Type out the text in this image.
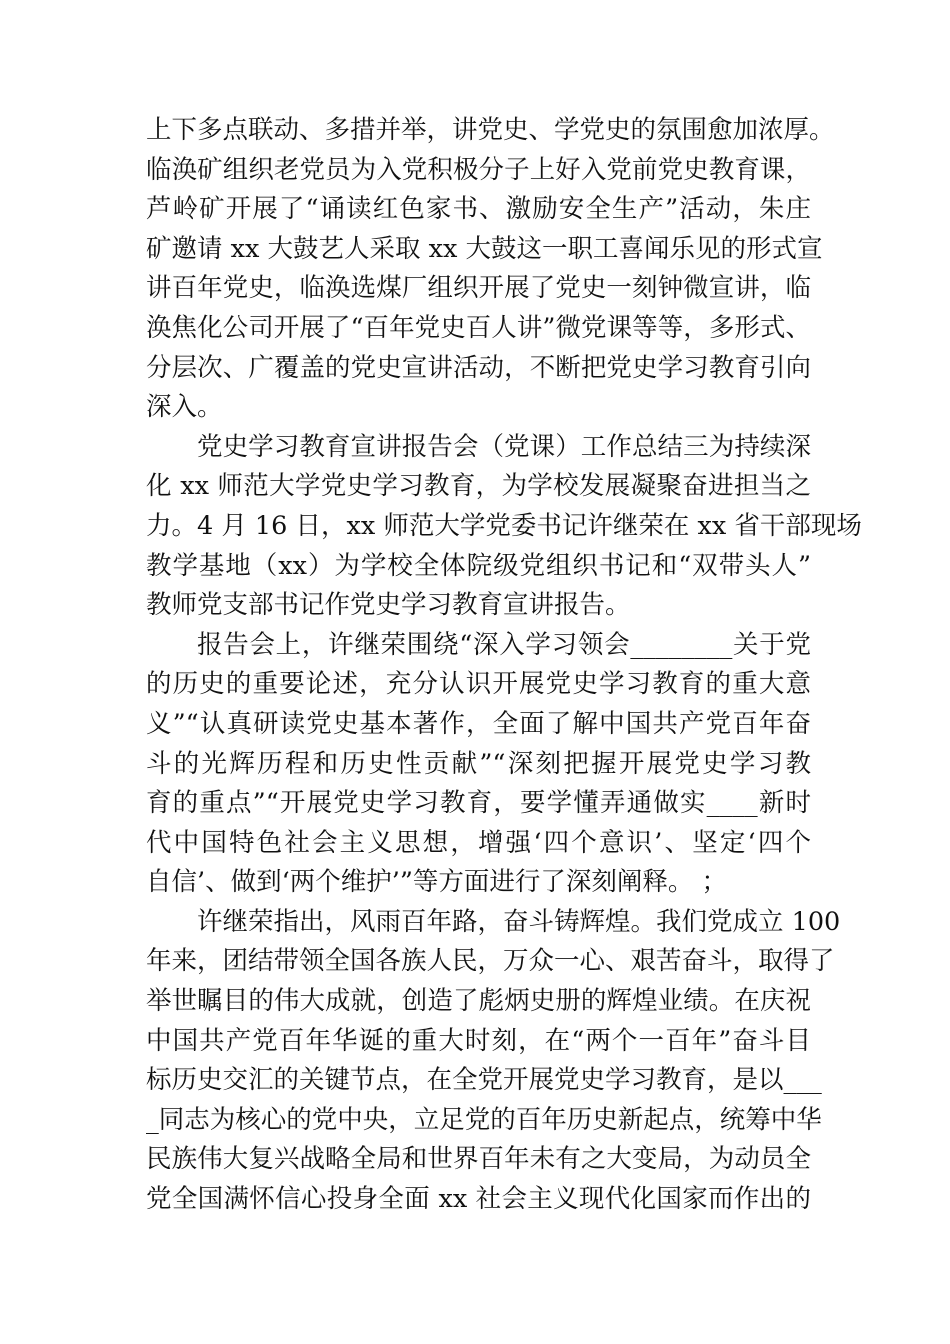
上下多点联动、多措并举，讲党史、学党史的氛围愈加浓厚。
临涣矿组织老党员为入党积极分子上好入党前党史教育课，
芦岭矿开展了“诵读红色家书、激励安全生产”活动，朱庄
矿邀请 xx 大鼓艺人采取 xx 大鼓这一职工喜闻乐见的形式宣
讲百年党史，临涣选煤厂组织开展了党史一刻钟微宣讲，临
涣焦化公司开展了“百年党史百人讲”微党课等等，多形式、
分层次、广覆盖的党史宣讲活动，不断把党史学习教育引向
深入。
党史学习教育宣讲报告会（党课）工作总结三为持续深
化 xx 师范大学党史学习教育，为学校发展凝聚奋进担当之
力。4 月 16 日，xx 师范大学党委书记许继荣在 xx 省干部现场
教学基地（xx）为学校全体院级党组织书记和“双带头人”
教师党支部书记作党史学习教育宣讲报告。
报告会上，许继荣围绕“深入学习领会________关于党
的历史的重要论述，充分认识开展党史学习教育的重大意
义”“认真研读党史基本著作，全面了解中国共产党百年奋
斗的光辉历程和历史性贡献”“深刻把握开展党史学习教
育的重点”“开展党史学习教育，要学懂弄通做实____新时
代中国特色社会主义思想，增强‘四个意识’、坚定‘四个
自信’、做到‘两个维护’”等方面进行了深刻阐释。 ；
许继荣指出，风雨百年路，奋斗铸辉煌。我们党成立 100
年来，团结带领全国各族人民，万众一心、艰苦奋斗，取得了
举世瞩目的伟大成就，创造了彪炳史册的辉煌业绩。在庆祝
中国共产党百年华诞的重大时刻，在“两个一百年”奋斗目
标历史交汇的关键节点，在全党开展党史学习教育，是以___
_同志为核心的党中央，立足党的百年历史新起点，统筹中华
民族伟大复兴战略全局和世界百年未有之大变局，为动员全
党全国满怀信心投身全面 xx 社会主义现代化国家而作出的
